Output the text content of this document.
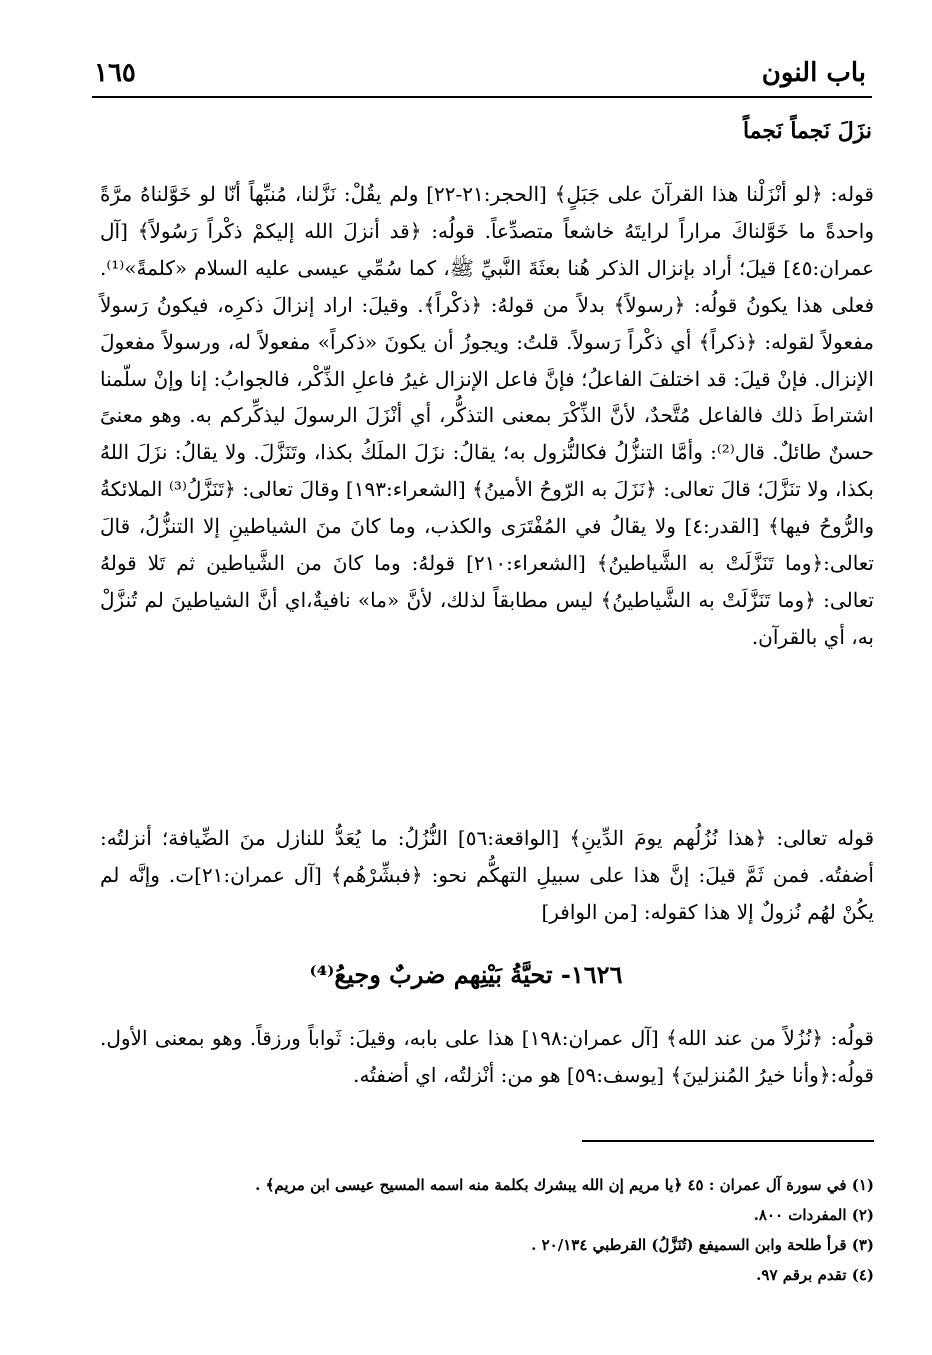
باب النون
١٦٥
نزَلَ نَجماً نَجماً

قوله: ﴿لو أنْزَلْنا هذا القرآنَ على جَبَلٍ﴾ [الحجر:٢١-٢٢] ولم يقُلْ: نَزَّلنا، مُنبِّهاً أنّا لو خَوَّلناهُ مرَّةً واحدةً ما خَوَّلناكَ مراراً لرايتَهُ خاشعاً متصدِّعاً. قولُه: ﴿قد أنزلَ الله إليكمْ ذكْراً رَسُولاً﴾ [آل عمران:٤٥] قيلَ؛ أراد بإنزال الذكر هُنا بعثَةَ النَّبيِّ ﷺ، كما سُمِّي عيسى عليه السلام «كلمةً»⁽¹⁾. فعلى هذا يكونُ قولُه: ﴿رسولاً﴾ بدلاً من قولهُ: ﴿ذكْراً﴾. وقيلَ: اراد إنزالَ ذكرِه، فيكونُ رَسولاً مفعولاً لقوله: ﴿ذكراً﴾ أي ذكْراً رَسولاً. قلتُ: ويجوزُ أن يكونَ «ذكراً» مفعولاً له، ورسولاً مفعولَ الإنزال. فإنْ قيلَ: قد اختلفَ الفاعلُ؛ فإنَّ فاعل الإنزال غيرُ فاعلِ الذِّكْر، فالجوابُ: إنا وإنْ سلّمنا اشتراطَ ذلك فالفاعل مُتَّحدٌ، لأنَّ الذِّكْرَ بمعنى التذكُّر، أي أنْزَلَ الرسولَ ليذكِّركم به. وهو معنىً حسنٌ طائلٌ. قال⁽²⁾: وأمَّا التنزُّلُ فكالنُّزول به؛ يقالُ: نزَلَ الملَكُ بكذا، وتَنَزَّلَ. ولا يقالُ: نزَلَ اللهُ بكذا، ولا تنَزَّلَ؛ قالَ تعالى: ﴿نَزَلَ به الرّوحُ الأمينُ﴾ [الشعراء:١٩٣] وقالَ تعالى: ﴿تَنَزَّلُ⁽³⁾ الملائكةُ والرُّوحُ فيها﴾ [القدر:٤] ولا يقالُ في المُفْتَرَى والكذب، وما كانَ منَ الشياطينِ إلا التنزُّلُ، قالَ تعالى:﴿وما تَنَزَّلَتْ به الشَّياطينُ﴾ [الشعراء:٢١٠] قولهُ: وما كانَ من الشَّياطين ثم تَلا قولهُ تعالى: ﴿وما تَنَزَّلَتْ به الشَّياطينُ﴾ ليس مطابقاً لذلك، لأنَّ «ما» نافيةٌ،اي أنَّ الشياطينَ لم تُنزَّلْ به، أي بالقرآن.

قوله تعالى: ﴿هذا نُزُلُهم يومَ الدِّينِ﴾ [الواقعة:٥٦] النُّزُلُ: ما يُعَدُّ للنازل منَ الضِّيافة؛ أنزلتُه: أضفتُه. فمن ثَمَّ قيلَ: إنَّ هذا على سبيلِ التهكُّم نحو: ﴿فبشِّرْهُم﴾ [آل عمران:٢١]ت. وإنَّه لم يكُنْ لهُم نُزولٌ إلا هذا كقوله: [من الوافر]

١٦٢٦- تحيَّةُ بَيْنِهم ضربٌ وجيعُ⁽⁴⁾

قولُه: ﴿نُزُلاً من عند الله﴾ [آل عمران:١٩٨] هذا على بابه، وقيلَ: ثَواباً ورزقاً. وهو بمعنى الأول. قولُه:﴿وأنا خيرُ المُنزلينَ﴾ [يوسف:٥٩] هو من: أنْزلتُه، اي أضفتُه.

(١) في سورة آل عمران : ٤٥ ﴿يا مريم إن الله يبشرك بكلمة منه اسمه المسيح عيسى ابن مريم﴾ .

(٢) المفردات ٨٠٠.

(٣) قرأ طلحة وابن السميفع (تُنَزَّلُ) القرطبي ٢٠/١٣٤ .

(٤) تقدم برقم ٩٧.
